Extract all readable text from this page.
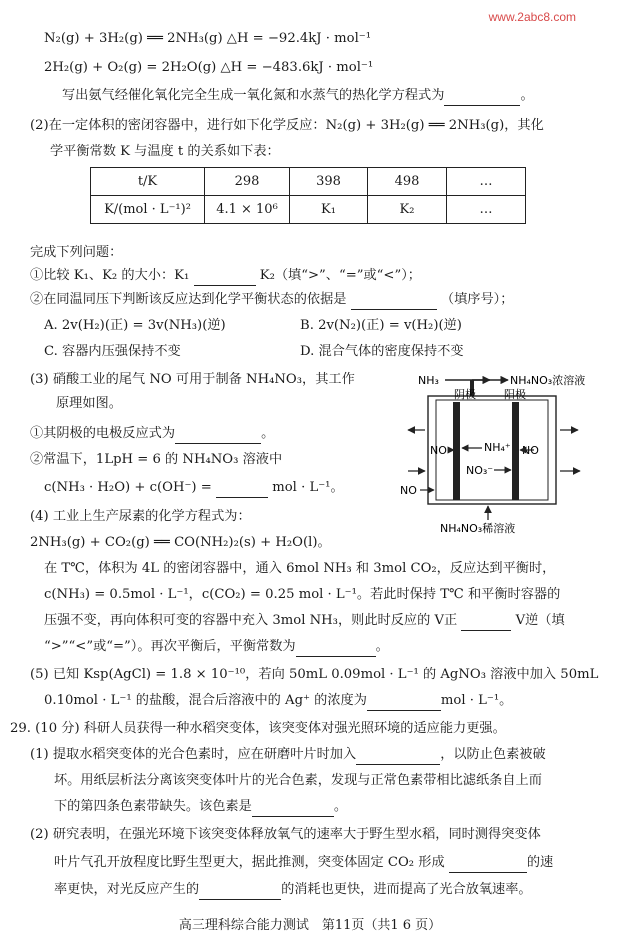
www.2abc8.com
N₂(g) + 3H₂(g) ══ 2NH₃(g) △H = −92.4kJ · mol⁻¹
2H₂(g) + O₂(g) = 2H₂O(g) △H = −483.6kJ · mol⁻¹
写出氨气经催化氧化完全生成一氧化氮和水蒸气的热化学方程式为	。
(2)在一定体积的密闭容器中，进行如下化学反应：N₂(g) + 3H₂(g) ══ 2NH₃(g)，其化
学平衡常数 K 与温度 t 的关系如下表：
t/K	298	398	498	…
K/(mol · L⁻¹)²	4.1 × 10⁶	K₁	K₂	…
完成下列问题：
①比较 K₁、K₂ 的大小：K₁	K₂（填“>”、“=”或“<”）；
②在同温同压下判断该反应达到化学平衡状态的依据是	（填序号）；
A. 2v(H₂)(正) = 3v(NH₃)(逆)	B. 2v(N₂)(正) = v(H₂)(逆)
C. 容器内压强保持不变	D. 混合气体的密度保持不变
(3) 硝酸工业的尾气 NO 可用于制备 NH₄NO₃，其工作
原理如图。
①其阴极的电极反应式为	。
②常温下，1LpH = 6 的 NH₄NO₃ 溶液中
c(NH₃ · H₂O) + c(OH⁻) =	mol · L⁻¹。
NH₃	NH₄NO₃浓溶液
阴极	阳极
NO	NH₄⁺
NO₃⁻
NO
NO
NH₄NO₃稀溶液
(4) 工业上生产尿素的化学方程式为：
2NH₃(g) + CO₂(g) ══ CO(NH₂)₂(s) + H₂O(l)。
在 T℃，体积为 4L 的密闭容器中，通入 6mol NH₃ 和 3mol CO₂，反应达到平衡时，
c(NH₃) = 0.5mol · L⁻¹，c(CO₂) = 0.25 mol · L⁻¹。若此时保持 T℃ 和平衡时容器的
压强不变，再向体积可变的容器中充入 3mol NH₃，则此时反应的 V正	V逆（填
“>”“<”或“=”）。再次平衡后，平衡常数为	。
(5) 已知 Ksp(AgCl) = 1.8 × 10⁻¹⁰，若向 50mL 0.09mol · L⁻¹ 的 AgNO₃ 溶液中加入 50mL
0.10mol · L⁻¹ 的盐酸，混合后溶液中的 Ag⁺ 的浓度为	mol · L⁻¹。
29. (10 分) 科研人员获得一种水稻突变体，该突变体对强光照环境的适应能力更强。
(1) 提取水稻突变体的光合色素时，应在研磨叶片时加入	，以防止色素被破
坏。用纸层析法分离该突变体叶片的光合色素，发现与正常色素带相比滤纸条自上而
下的第四条色素带缺失。该色素是	。
(2) 研究表明，在强光环境下该突变体释放氧气的速率大于野生型水稻，同时测得突变体
叶片气孔开放程度比野生型更大，据此推测，突变体固定 CO₂ 形成	的速
率更快，对光反应产生的	的消耗也更快，进而提高了光合放氧速率。
高三理科综合能力测试　第11页（共1 6 页）
